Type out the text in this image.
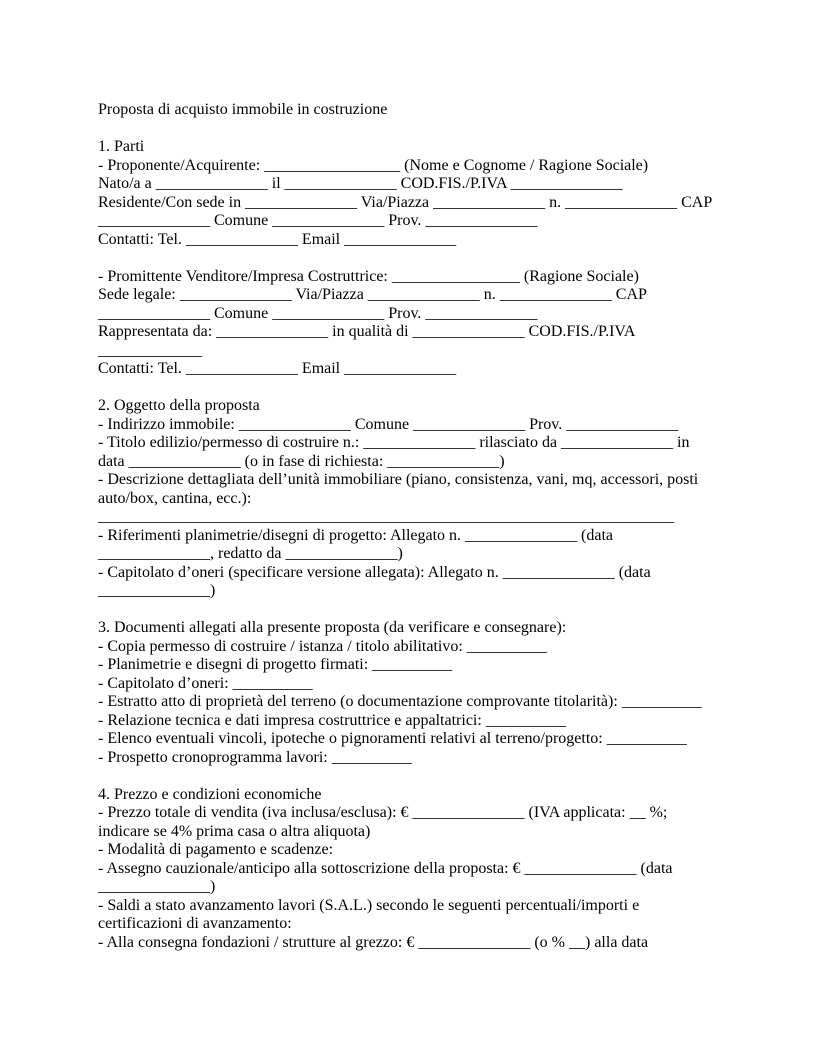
Proposta di acquisto immobile in costruzione
1. Parti
- Proponente/Acquirente: _________________ (Nome e Cognome / Ragione Sociale)
Nato/a a ______________ il ______________ COD.FIS./P.IVA ______________
Residente/Con sede in ______________ Via/Piazza ______________ n. ______________ CAP
______________ Comune ______________ Prov. ______________
Contatti: Tel. ______________ Email ______________
- Promittente Venditore/Impresa Costruttrice: ________________ (Ragione Sociale)
Sede legale: ______________ Via/Piazza ______________ n. ______________ CAP
______________ Comune ______________ Prov. ______________
Rappresentata da: ______________ in qualità di ______________ COD.FIS./P.IVA
_____________
Contatti: Tel. ______________ Email ______________
2. Oggetto della proposta
- Indirizzo immobile: ______________ Comune ______________ Prov. ______________
- Titolo edilizio/permesso di costruire n.: ______________ rilasciato da ______________ in
data ______________ (o in fase di richiesta: ______________)
- Descrizione dettagliata dell’unità immobiliare (piano, consistenza, vani, mq, accessori, posti
auto/box, cantina, ecc.):
________________________________________________________________________
- Riferimenti planimetrie/disegni di progetto: Allegato n. ______________ (data
______________, redatto da ______________)
- Capitolato d’oneri (specificare versione allegata): Allegato n. ______________ (data
______________)
3. Documenti allegati alla presente proposta (da verificare e consegnare):
- Copia permesso di costruire / istanza / titolo abilitativo: __________
- Planimetrie e disegni di progetto firmati: __________
- Capitolato d’oneri: __________
- Estratto atto di proprietà del terreno (o documentazione comprovante titolarità): __________
- Relazione tecnica e dati impresa costruttrice e appaltatrici: __________
- Elenco eventuali vincoli, ipoteche o pignoramenti relativi al terreno/progetto: __________
- Prospetto cronoprogramma lavori: __________
4. Prezzo e condizioni economiche
- Prezzo totale di vendita (iva inclusa/esclusa): € ______________ (IVA applicata: __ %;
indicare se 4% prima casa o altra aliquota)
- Modalità di pagamento e scadenze:
- Assegno cauzionale/anticipo alla sottoscrizione della proposta: € ______________ (data
______________)
- Saldi a stato avanzamento lavori (S.A.L.) secondo le seguenti percentuali/importi e
certificazioni di avanzamento:
- Alla consegna fondazioni / strutture al grezzo: € ______________ (o % __) alla data
